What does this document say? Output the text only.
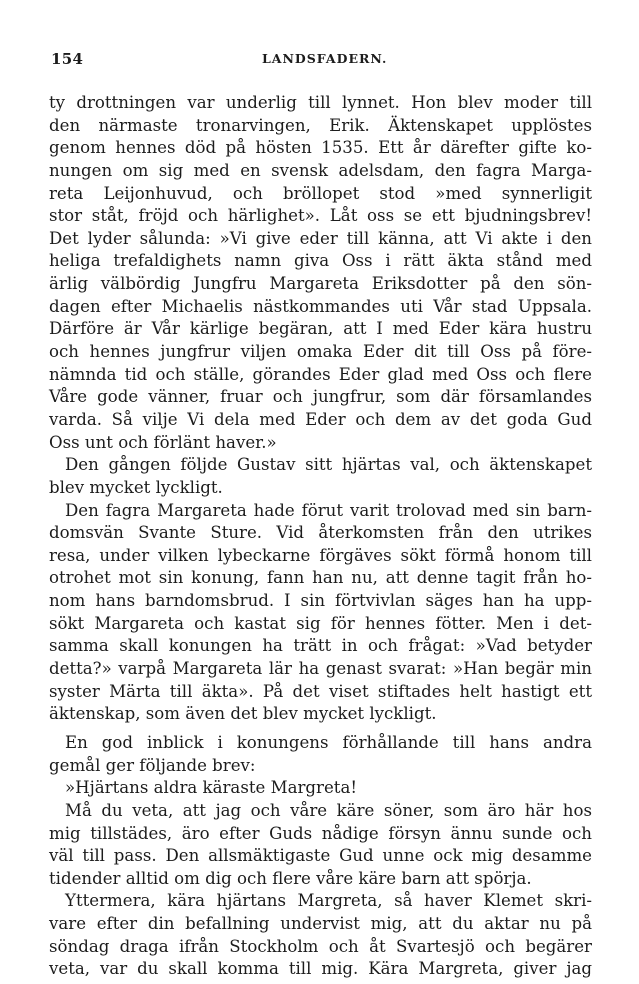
154	LANDSFADERN.
ty drottningen var underlig till lynnet. Hon blev moder till
den närmaste tronarvingen, Erik. Äktenskapet upplöstes
genom hennes död på hösten 1535. Ett år därefter gifte ko-
nungen om sig med en svensk adelsdam, den fagra Marga-
reta Leijonhuvud, och bröllopet stod »med synnerligit
stor ståt, fröjd och härlighet». Låt oss se ett bjudningsbrev!
Det lyder sålunda: »Vi give eder till känna, att Vi akte i den
heliga trefaldighets namn giva Oss i rätt äkta stånd med
ärlig välbördig Jungfru Margareta Eriksdotter på den sön-
dagen efter Michaelis nästkommandes uti Vår stad Uppsala.
Därföre är Vår kärlige begäran, att I med Eder kära hustru
och hennes jungfrur viljen omaka Eder dit till Oss på före-
nämnda tid och ställe, görandes Eder glad med Oss och flere
Våre gode vänner, fruar och jungfrur, som där församlandes
varda. Så vilje Vi dela med Eder och dem av det goda Gud
Oss unt och förlänt haver.»
Den gången följde Gustav sitt hjärtas val, och äktenskapet
blev mycket lyckligt.
Den fagra Margareta hade förut varit trolovad med sin barn-
domsvän Svante Sture. Vid återkomsten från den utrikes
resa, under vilken lybeckarne förgäves sökt förmå honom till
otrohet mot sin konung, fann han nu, att denne tagit från ho-
nom hans barndomsbrud. I sin förtvivlan säges han ha upp-
sökt Margareta och kastat sig för hennes fötter. Men i det-
samma skall konungen ha trätt in och frågat: »Vad betyder
detta?» varpå Margareta lär ha genast svarat: »Han begär min
syster Märta till äkta». På det viset stiftades helt hastigt ett
äktenskap, som även det blev mycket lyckligt.
En god inblick i konungens förhållande till hans andra
gemål ger följande brev:
»Hjärtans aldra käraste Margreta!
Må du veta, att jag och våre käre söner, som äro här hos
mig tillstädes, äro efter Guds nådige försyn ännu sunde och
väl till pass. Den allsmäktigaste Gud unne ock mig desamme
tidender alltid om dig och flere våre käre barn att spörja.
Yttermera, kära hjärtans Margreta, så haver Klemet skri-
vare efter din befallning undervist mig, att du aktar nu på
söndag draga ifrån Stockholm och åt Svartesjö och begärer
veta, var du skall komma till mig. Kära Margreta, giver jag
